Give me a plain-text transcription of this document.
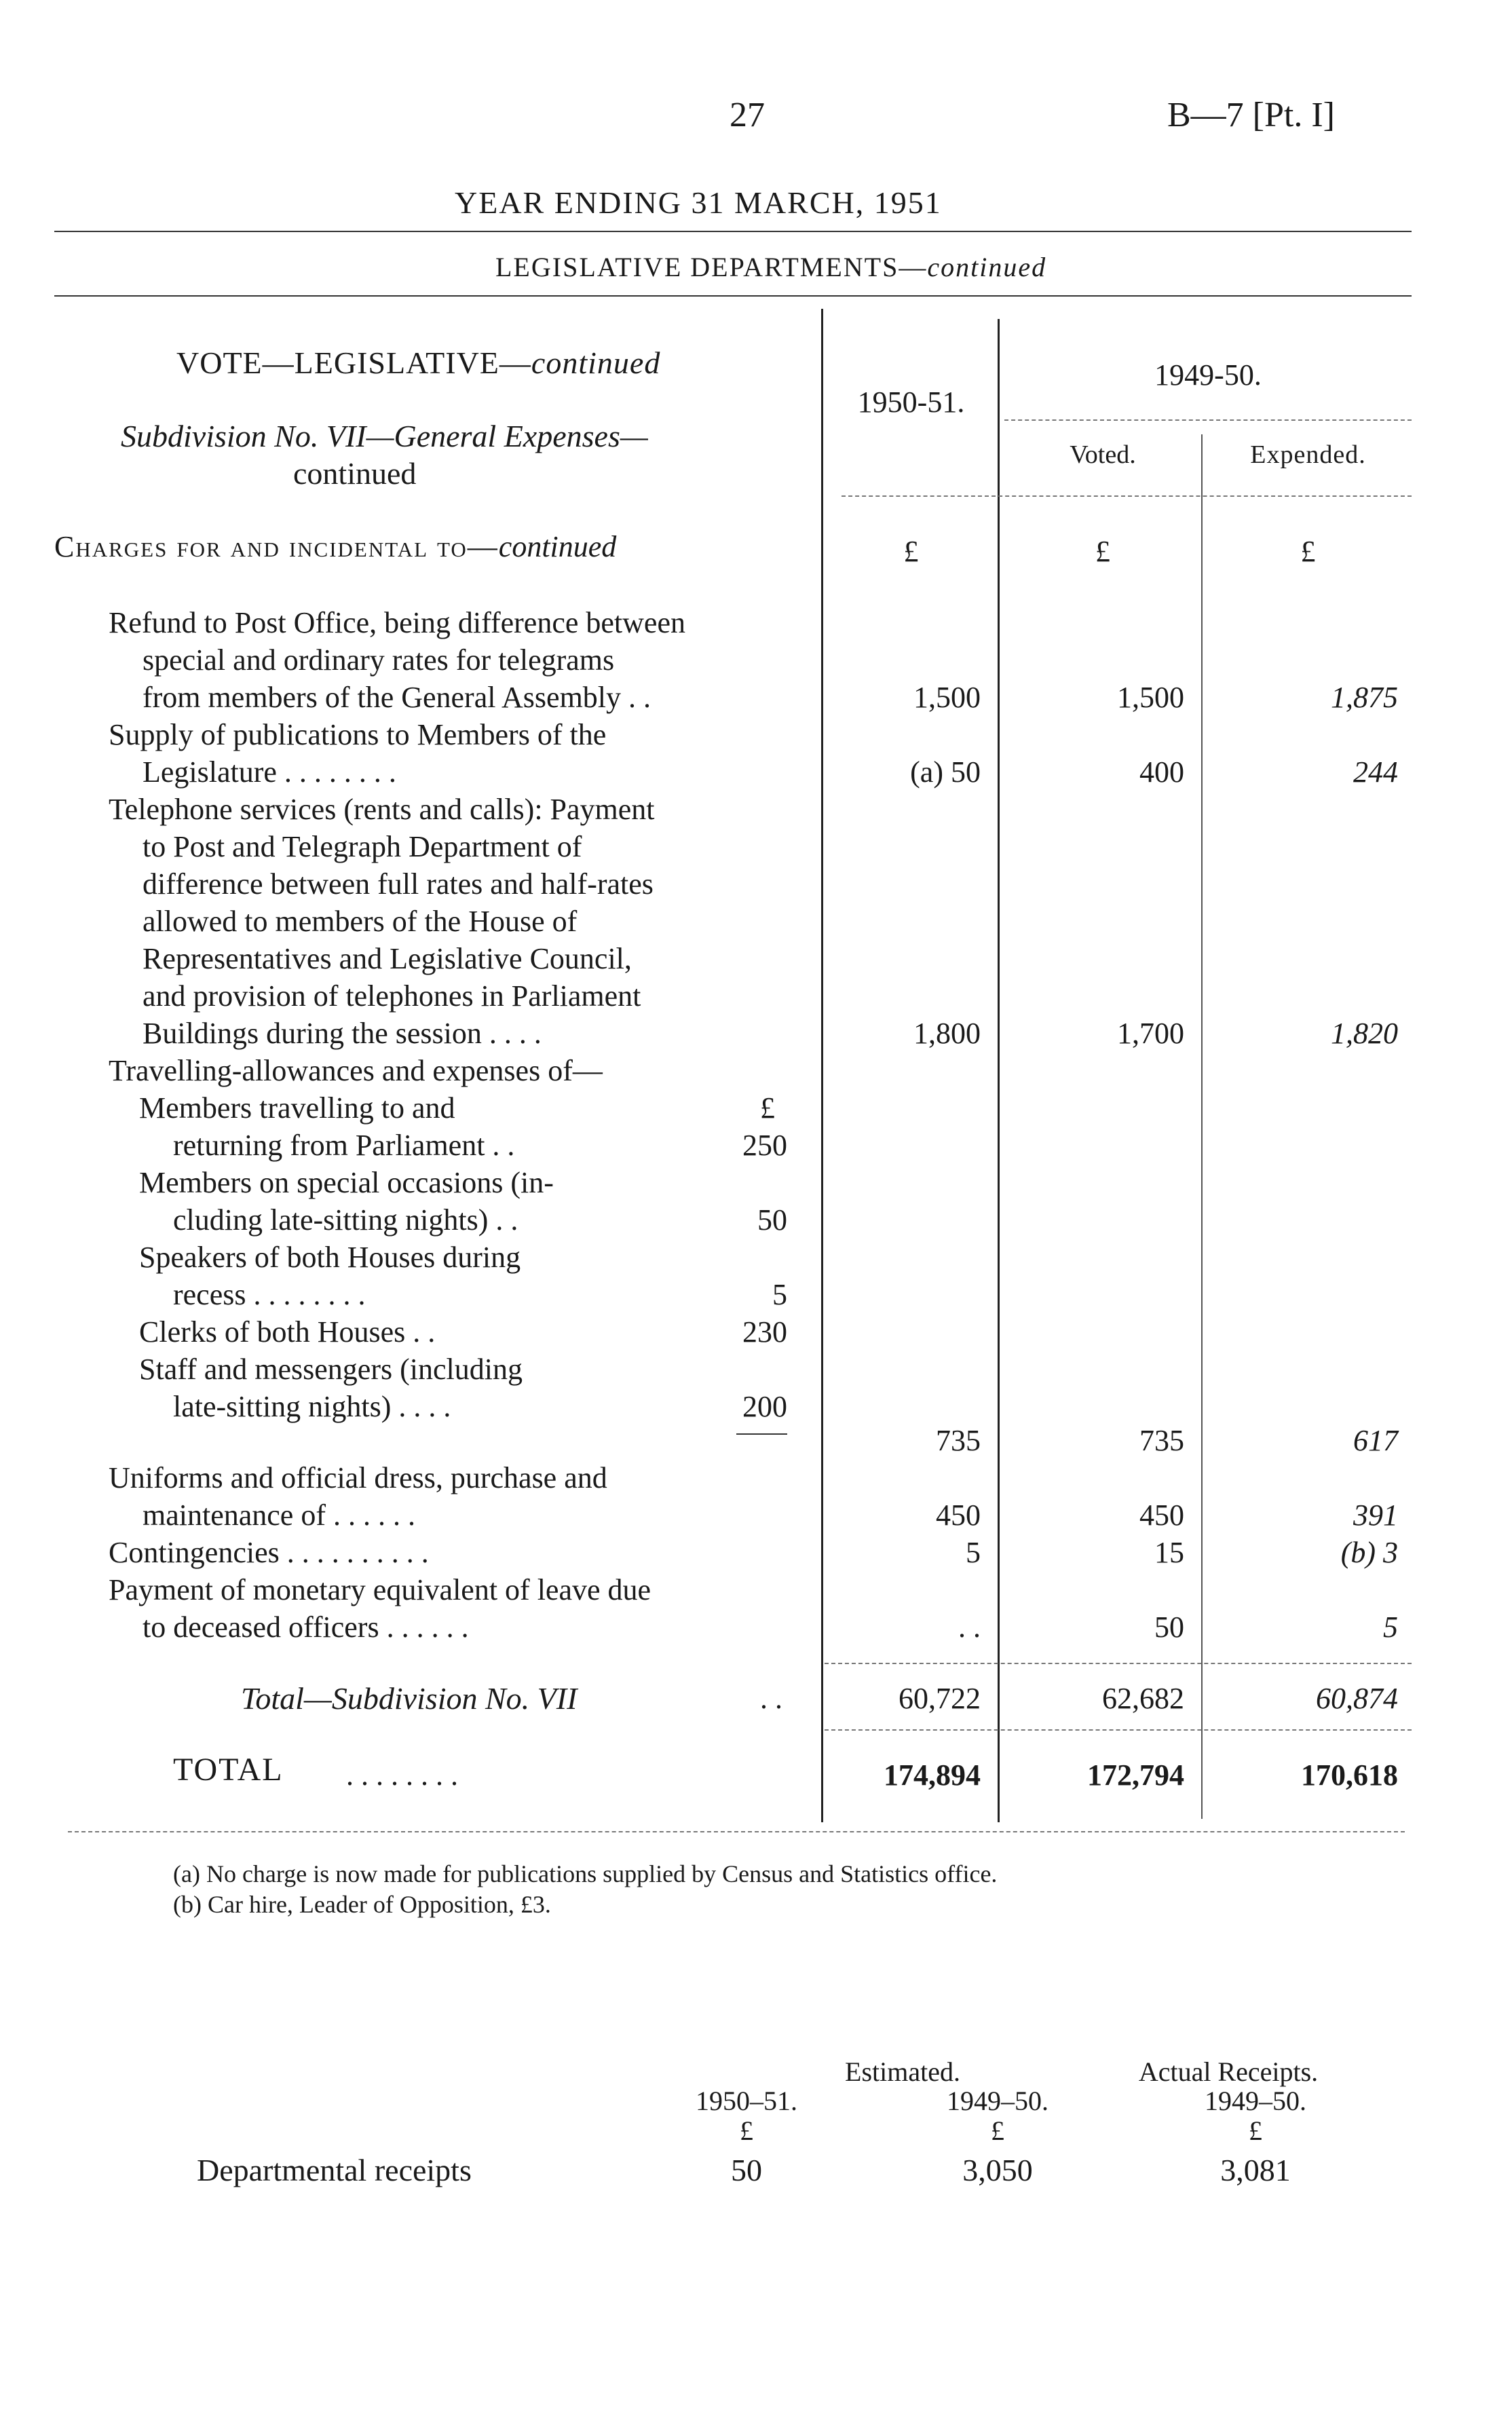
27	B—7 [Pt. I]
YEAR ENDING 31 MARCH, 1951
LEGISLATIVE DEPARTMENTS—continued
1950-51.
1949-50.
Voted.	Expended.
£	£	£
VOTE—LEGISLATIVE—continued
Subdivision No. VII—General Expenses—
continued
Charges for and incidental to—continued
Refund to Post Office, being difference between
special and ordinary rates for telegrams
from members of the General Assembly . .	1,500	1,500	1,875
Supply of publications to Members of the
Legislature . . . . . . . .	(a) 50	400	244
Telephone services (rents and calls): Payment
to Post and Telegraph Department of
difference between full rates and half-rates
allowed to members of the House of
Representatives and Legislative Council,
and provision of telephones in Parliament
Buildings during the session . . . .	1,800	1,700	1,820
Travelling-allowances and expenses of—
£
Members travelling to and
returning from Parliament . .	250
Members on special occasions (in-
cluding late-sitting nights) . .	50
Speakers of both Houses during
recess . . . . . . . .	5
Clerks of both Houses . .	230
Staff and messengers (including
late-sitting nights) . . . .	200
735	735	617
Uniforms and official dress, purchase and
maintenance of . . . . . .	450	450	391
Contingencies . . . . . . . . . .	5	15	(b) 3
Payment of monetary equivalent of leave due
to deceased officers . . . . . .	. .	50	5
Total—Subdivision No. VII	. .	60,722	62,682	60,874
TOTAL . . . . . . . .	174,894	172,794	170,618
(a) No charge is now made for publications supplied by Census and Statistics office.
(b) Car hire, Leader of Opposition, £3.
Estimated.	Actual Receipts.
1950–51.	1949–50.	1949–50.
£	£	£
Departmental receipts	50	3,050	3,081
